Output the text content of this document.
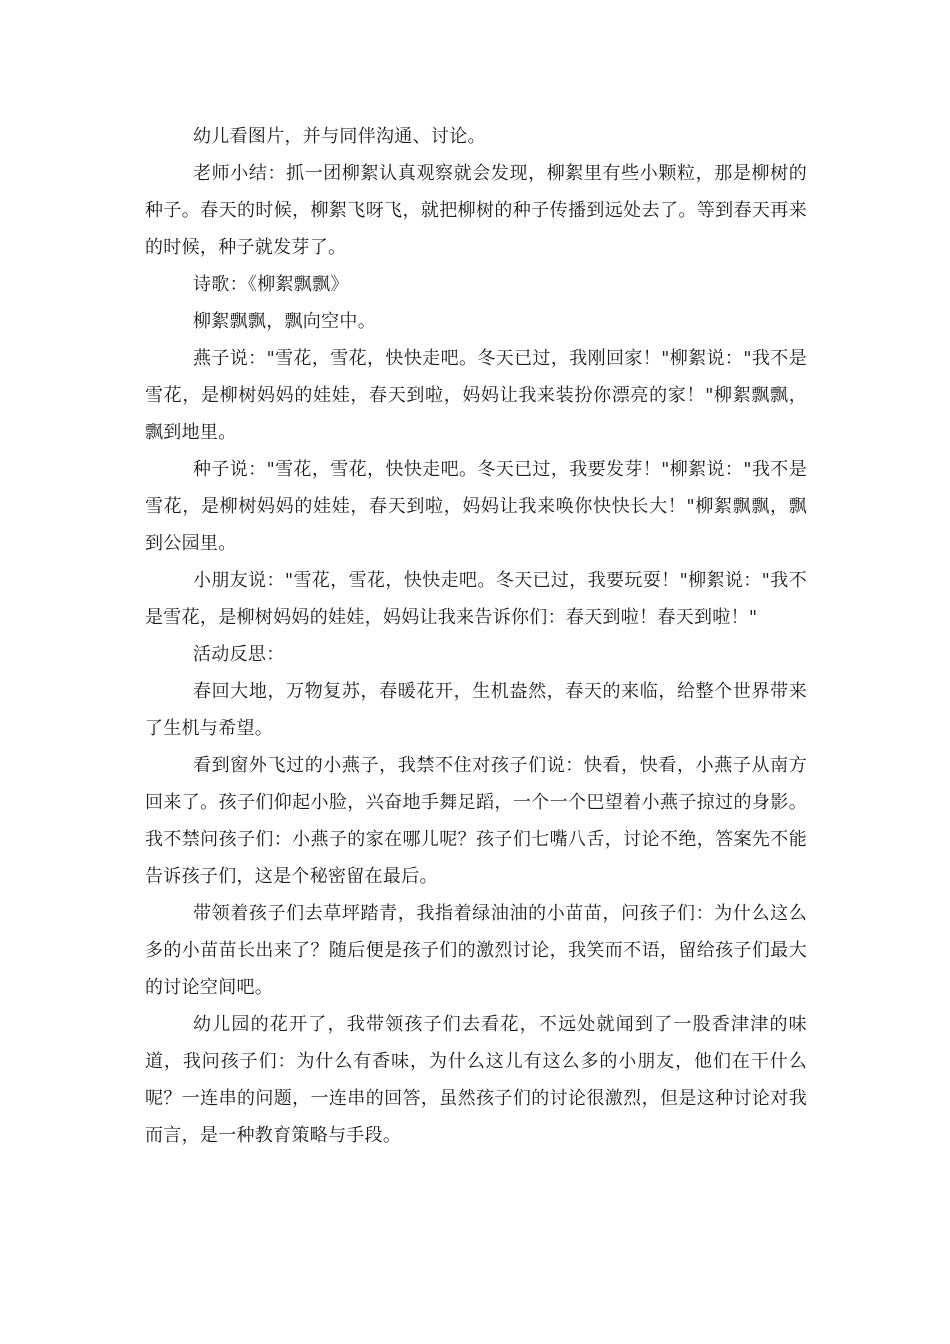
幼儿看图片，并与同伴沟通、讨论。

老师小结：抓一团柳絮认真观察就会发现，柳絮里有些小颗粒，那是柳树的种子。春天的时候，柳絮飞呀飞，就把柳树的种子传播到远处去了。等到春天再来的时候，种子就发芽了。

诗歌：《柳絮飘飘》

柳絮飘飘，飘向空中。

燕子说："雪花，雪花，快快走吧。冬天已过，我刚回家！"柳絮说："我不是雪花，是柳树妈妈的娃娃，春天到啦，妈妈让我来装扮你漂亮的家！"柳絮飘飘，飘到地里。

种子说："雪花，雪花，快快走吧。冬天已过，我要发芽！"柳絮说："我不是雪花，是柳树妈妈的娃娃，春天到啦，妈妈让我来唤你快快长大！"柳絮飘飘，飘到公园里。

小朋友说："雪花，雪花，快快走吧。冬天已过，我要玩耍！"柳絮说："我不是雪花，是柳树妈妈的娃娃，妈妈让我来告诉你们：春天到啦！春天到啦！"

活动反思：

春回大地，万物复苏，春暖花开，生机盎然，春天的来临，给整个世界带来了生机与希望。

看到窗外飞过的小燕子，我禁不住对孩子们说：快看，快看，小燕子从南方回来了。孩子们仰起小脸，兴奋地手舞足蹈，一个一个巴望着小燕子掠过的身影。我不禁问孩子们：小燕子的家在哪儿呢？孩子们七嘴八舌，讨论不绝，答案先不能告诉孩子们，这是个秘密留在最后。

带领着孩子们去草坪踏青，我指着绿油油的小苗苗，问孩子们：为什么这么多的小苗苗长出来了？随后便是孩子们的激烈讨论，我笑而不语，留给孩子们最大的讨论空间吧。

幼儿园的花开了，我带领孩子们去看花，不远处就闻到了一股香津津的味道，我问孩子们：为什么有香味，为什么这儿有这么多的小朋友，他们在干什么呢？一连串的问题，一连串的回答，虽然孩子们的讨论很激烈，但是这种讨论对我而言，是一种教育策略与手段。
